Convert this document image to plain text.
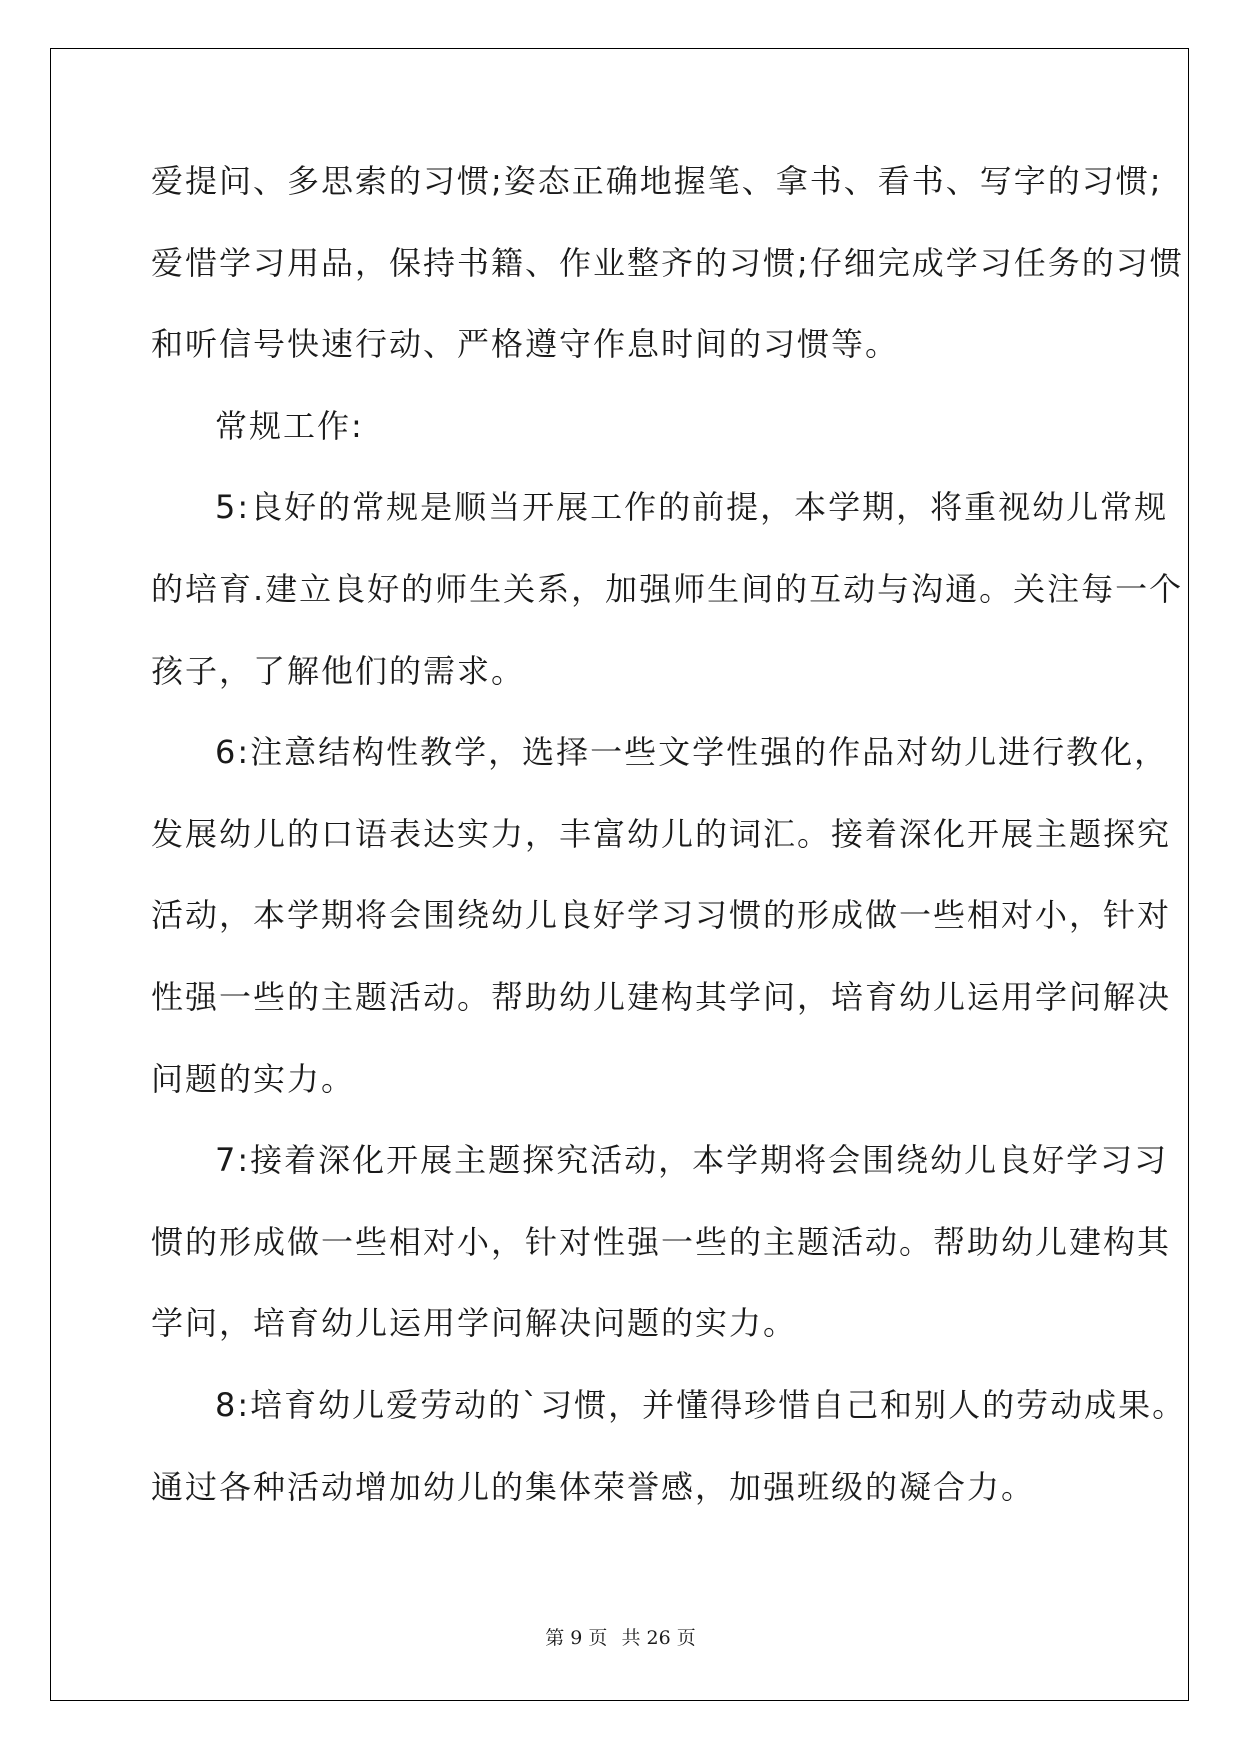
爱提问、多思索的习惯;姿态正确地握笔、拿书、看书、写字的习惯;
爱惜学习用品，保持书籍、作业整齐的习惯;仔细完成学习任务的习惯
和听信号快速行动、严格遵守作息时间的习惯等。
常规工作:
5:良好的常规是顺当开展工作的前提，本学期，将重视幼儿常规
的培育.建立良好的师生关系，加强师生间的互动与沟通。关注每一个
孩子，了解他们的需求。
6:注意结构性教学，选择一些文学性强的作品对幼儿进行教化，
发展幼儿的口语表达实力，丰富幼儿的词汇。接着深化开展主题探究
活动，本学期将会围绕幼儿良好学习习惯的形成做一些相对小，针对
性强一些的主题活动。帮助幼儿建构其学问，培育幼儿运用学问解决
问题的实力。
7:接着深化开展主题探究活动，本学期将会围绕幼儿良好学习习
惯的形成做一些相对小，针对性强一些的主题活动。帮助幼儿建构其
学问，培育幼儿运用学问解决问题的实力。
8:培育幼儿爱劳动的`习惯，并懂得珍惜自己和别人的劳动成果。
通过各种活动增加幼儿的集体荣誉感，加强班级的凝合力。
第 9 页 共 26 页
